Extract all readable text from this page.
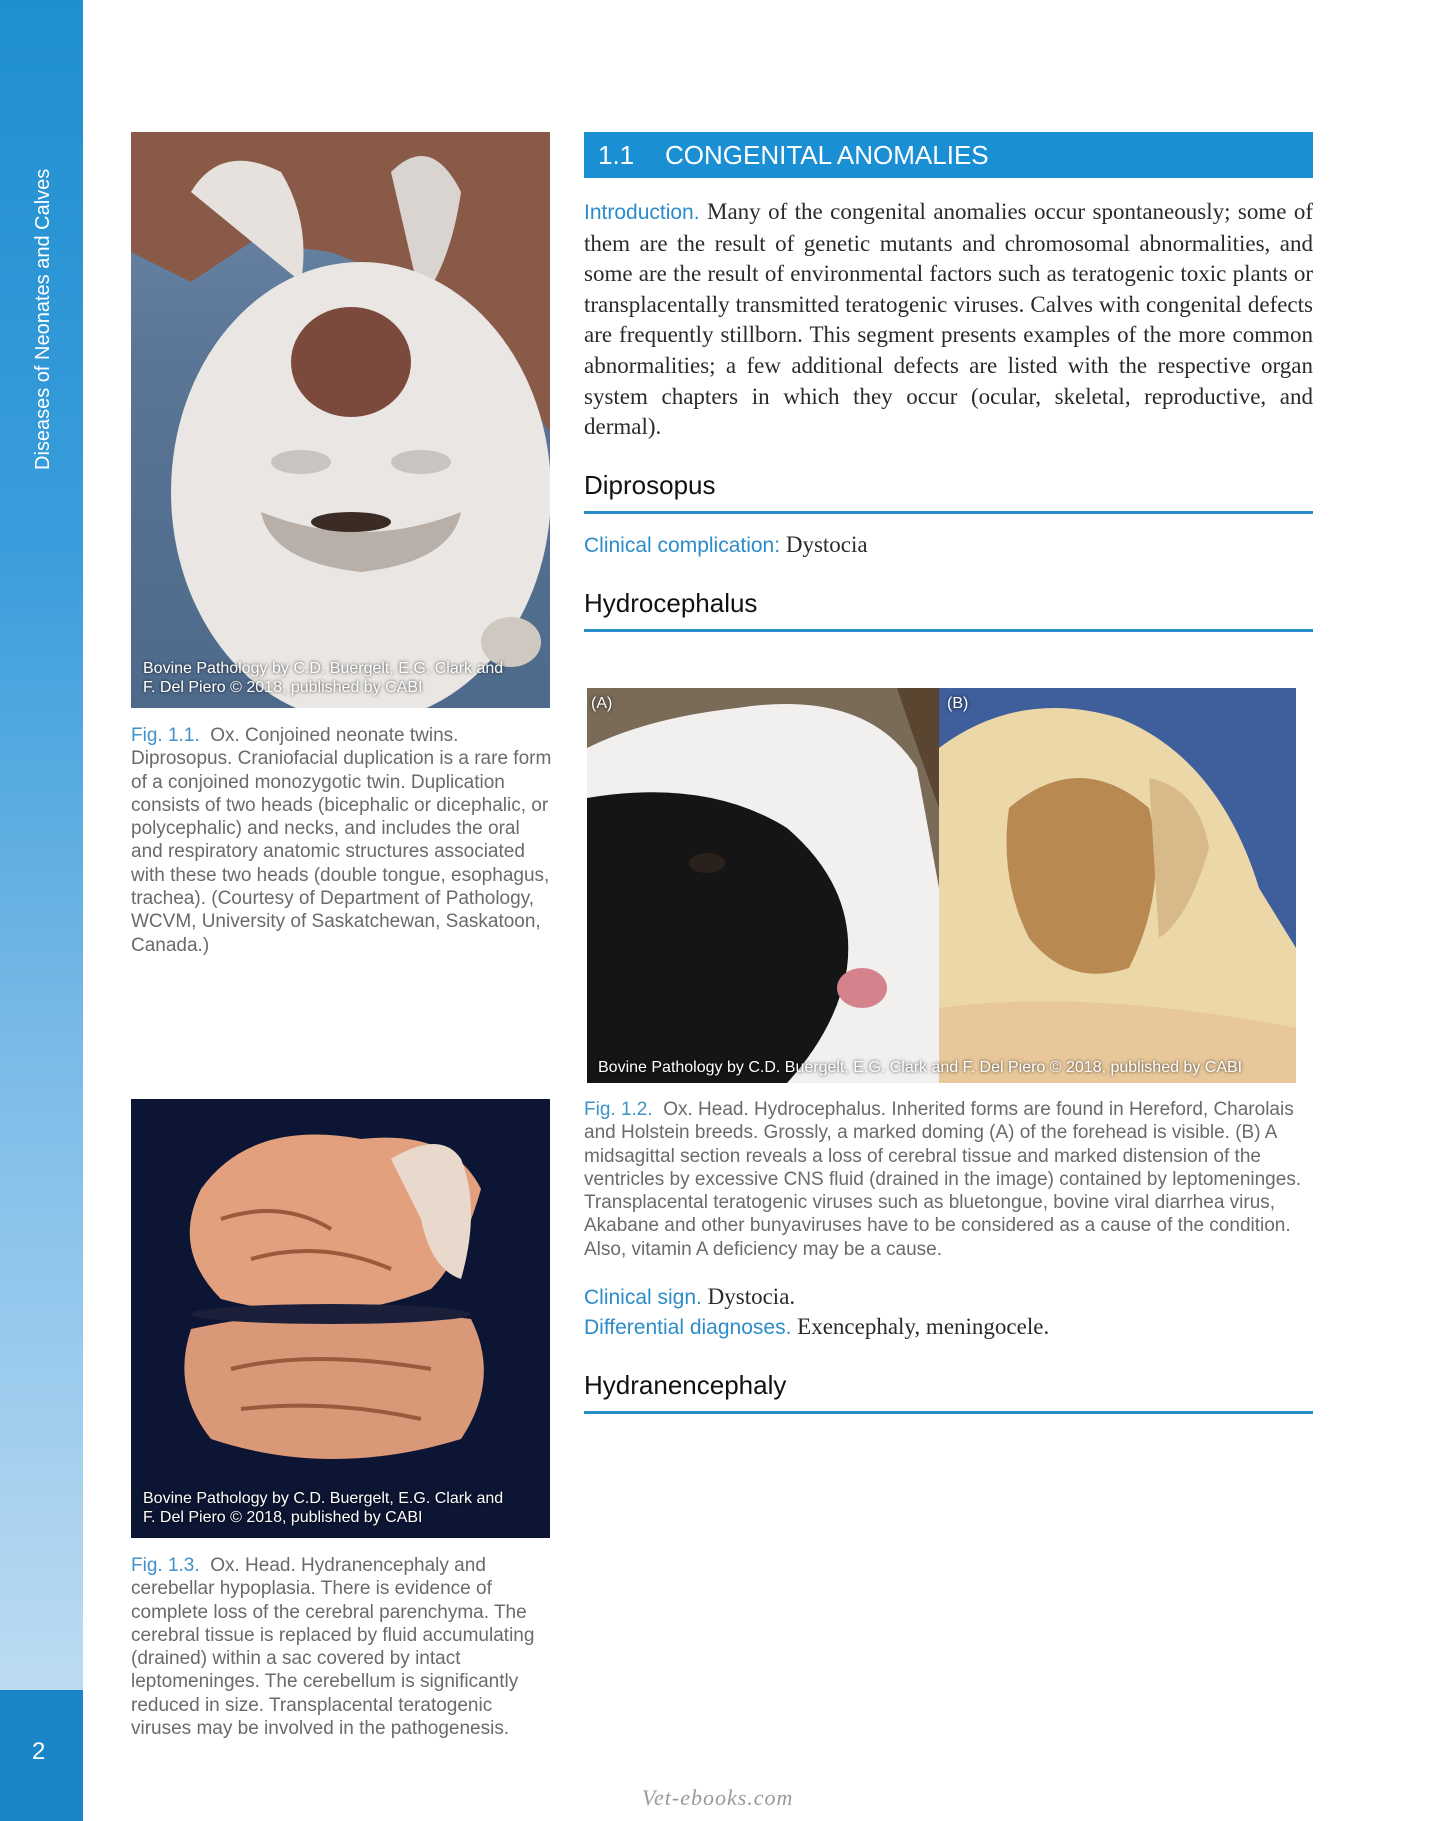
Diseases of Neonates and Calves
2
Bovine Pathology by C.D. Buergelt, E.G. Clark and
F. Del Piero © 2018, published by CABI
Fig. 1.1. Ox. Conjoined neonate twins. Diprosopus. Craniofacial duplication is a rare form of a conjoined monozygotic twin. Duplication consists of two heads (bicephalic or dicephalic, or polycephalic) and necks, and includes the oral and respiratory anatomic structures associated with these two heads (double tongue, esophagus, trachea). (Courtesy of Department of Pathology, WCVM, University of Saskatchewan, Saskatoon, Canada.)
Bovine Pathology by C.D. Buergelt, E.G. Clark and
F. Del Piero © 2018, published by CABI
Fig. 1.3. Ox. Head. Hydranencephaly and cerebellar hypoplasia. There is evidence of complete loss of the cerebral parenchyma. The cerebral tissue is replaced by fluid accumulating (drained) within a sac covered by intact leptomeninges. The cerebellum is significantly reduced in size. Transplacental teratogenic viruses may be involved in the pathogenesis.
1.1 CONGENITAL ANOMALIES
Introduction. Many of the congenital anomalies occur spontaneously; some of them are the result of genetic mutants and chromosomal abnormalities, and some are the result of environmental factors such as teratogenic toxic plants or transplacentally transmitted teratogenic viruses. Calves with congenital defects are frequently stillborn. This segment presents examples of the more common abnormalities; a few additional defects are listed with the respective organ system chapters in which they occur (ocular, skeletal, reproductive, and dermal).
Diprosopus
Clinical complication: Dystocia
Hydrocephalus
(A)	(B)
Bovine Pathology by C.D. Buergelt, E.G. Clark and F. Del Piero © 2018, published by CABI
Fig. 1.2. Ox. Head. Hydrocephalus. Inherited forms are found in Hereford, Charolais and Holstein breeds. Grossly, a marked doming (A) of the forehead is visible. (B) A midsagittal section reveals a loss of cerebral tissue and marked distension of the ventricles by excessive CNS fluid (drained in the image) contained by leptomeninges. Transplacental teratogenic viruses such as bluetongue, bovine viral diarrhea virus, Akabane and other bunyaviruses have to be considered as a cause of the condition. Also, vitamin A deficiency may be a cause.
Clinical sign. Dystocia.
Differential diagnoses. Exencephaly, meningocele.
Hydranencephaly
Vet-ebooks.com
